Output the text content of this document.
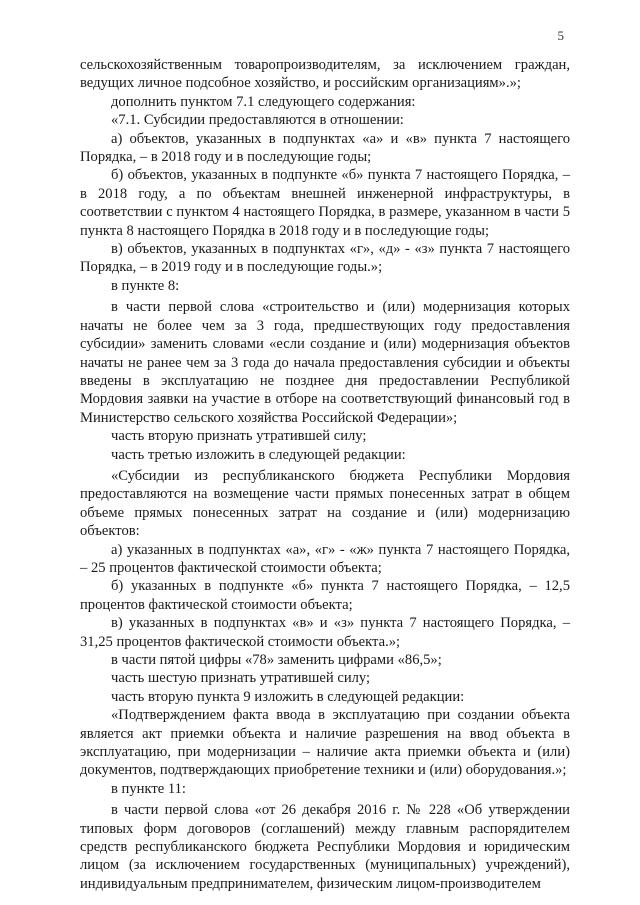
5

сельскохозяйственным товаропроизводителям, за исключением граждан, ведущих личное подсобное хозяйство, и российским организациям».»;

дополнить пунктом 7.1 следующего содержания:

«7.1. Субсидии предоставляются в отношении:

а) объектов, указанных в подпунктах «а» и «в» пункта 7 настоящего Порядка, – в 2018 году и в последующие годы;

б) объектов, указанных в подпункте «б» пункта 7 настоящего Порядка, – в 2018 году, а по объектам внешней инженерной инфраструктуры, в соответствии с пунктом 4 настоящего Порядка, в размере, указанном в части 5 пункта 8 настоящего Порядка в 2018 году и в последующие годы;

в) объектов, указанных в подпунктах «г», «д» - «з» пункта 7 настоящего Порядка, – в 2019 году и в последующие годы.»;

в пункте 8:

в части первой слова «строительство и (или) модернизация которых начаты не более чем за 3 года, предшествующих году предоставления субсидии» заменить словами «если создание и (или) модернизация объектов начаты не ранее чем за 3 года до начала предоставления субсидии и объекты введены в эксплуатацию не позднее дня предоставлении Республикой Мордовия заявки на участие в отборе на соответствующий финансовый год в Министерство сельского хозяйства Российской Федерации»;

часть вторую признать утратившей силу;

часть третью изложить в следующей редакции:

«Субсидии из республиканского бюджета Республики Мордовия предоставляются на возмещение части прямых понесенных затрат в общем объеме прямых понесенных затрат на создание и (или) модернизацию объектов:

а) указанных в подпунктах «а», «г» - «ж» пункта 7 настоящего Порядка, – 25 процентов фактической стоимости объекта;

б) указанных в подпункте «б» пункта 7 настоящего Порядка, – 12,5 процентов фактической стоимости объекта;

в) указанных в подпунктах «в» и «з» пункта 7 настоящего Порядка, – 31,25 процентов фактической стоимости объекта.»;

в части пятой цифры «78» заменить цифрами «86,5»;

часть шестую признать утратившей силу;

часть вторую пункта 9 изложить в следующей редакции:

«Подтверждением факта ввода в эксплуатацию при создании объекта является акт приемки объекта и наличие разрешения на ввод объекта в эксплуатацию, при модернизации – наличие акта приемки объекта и (или) документов, подтверждающих приобретение техники и (или) оборудования.»;

в пункте 11:

в части первой слова «от 26 декабря 2016 г. № 228 «Об утверждении типовых форм договоров (соглашений) между главным распорядителем средств республиканского бюджета Республики Мордовия и юридическим лицом (за исключением государственных (муниципальных) учреждений), индивидуальным предпринимателем, физическим лицом-производителем
